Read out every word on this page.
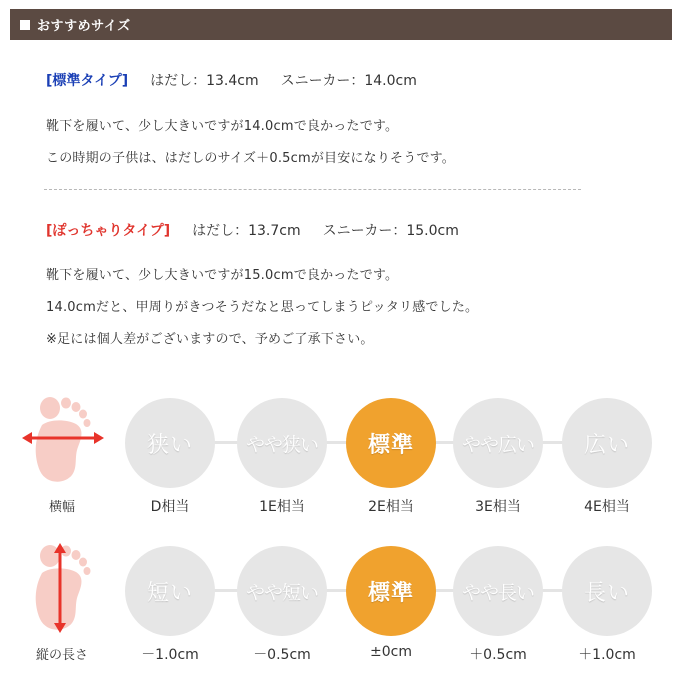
おすすめサイズ
[標準タイプ] はだし：13.4cm スニーカー：14.0cm
靴下を履いて、少し大きいですが14.0cmで良かったです。
この時期の子供は、はだしのサイズ＋0.5cmが目安になりそうです。
[ぽっちゃりタイプ] はだし：13.7cm スニーカー：15.0cm
靴下を履いて、少し大きいですが15.0cmで良かったです。
14.0cmだと、甲周りがきつそうだなと思ってしまうピッタリ感でした。
※足には個人差がございますので、予めご了承下さい。
横幅
狭い	やや狭い	標準	やや広い	広い
D相当	1E相当	2E相当	3E相当	4E相当
縦の長さ
短い	やや短い	標準	やや長い	長い
－1.0cm	－0.5cm	±0cm	＋0.5cm	＋1.0cm
